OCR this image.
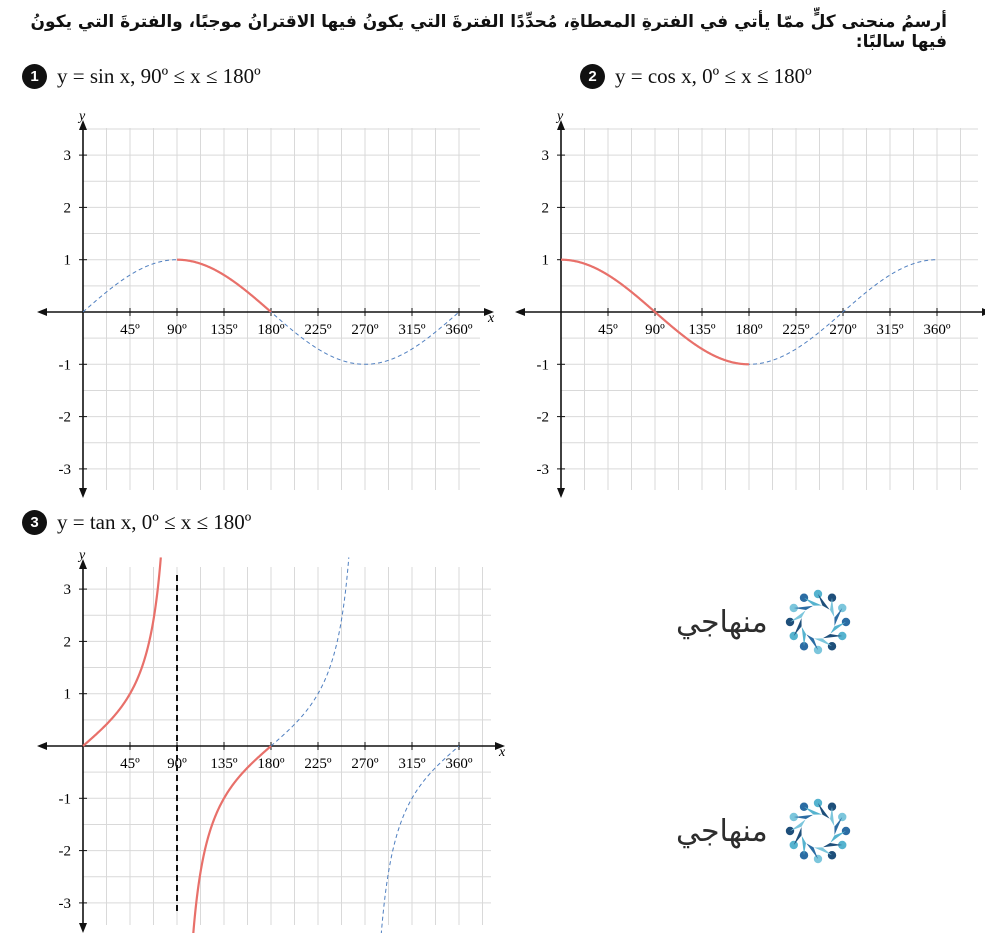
أرسمُ منحنى كلٍّ ممّا يأتي في الفترةِ المعطاةِ، مُحدِّدًا الفترةَ التي يكونُ فيها الاقترانُ موجبًا، والفترةَ التي يكونُ فيها سالبًا:
1 y = sin x, 90º ≤ x ≤ 180º	2 y = cos x, 0º ≤ x ≤ 180º
3 y = tan x, 0º ≤ x ≤ 180º
x
y
45º 90º 135º 180º 225º 270º 315º 360º
3
2
1
-1
-2
-3
y
45º 90º 135º 180º 225º 270º 315º 360º
3
2
1
-1
-2
-3
x
y
45º 90º 135º 180º 225º 270º 315º 360º
3
2
1
-1
-2
-3
منهاجي
منهاجي
